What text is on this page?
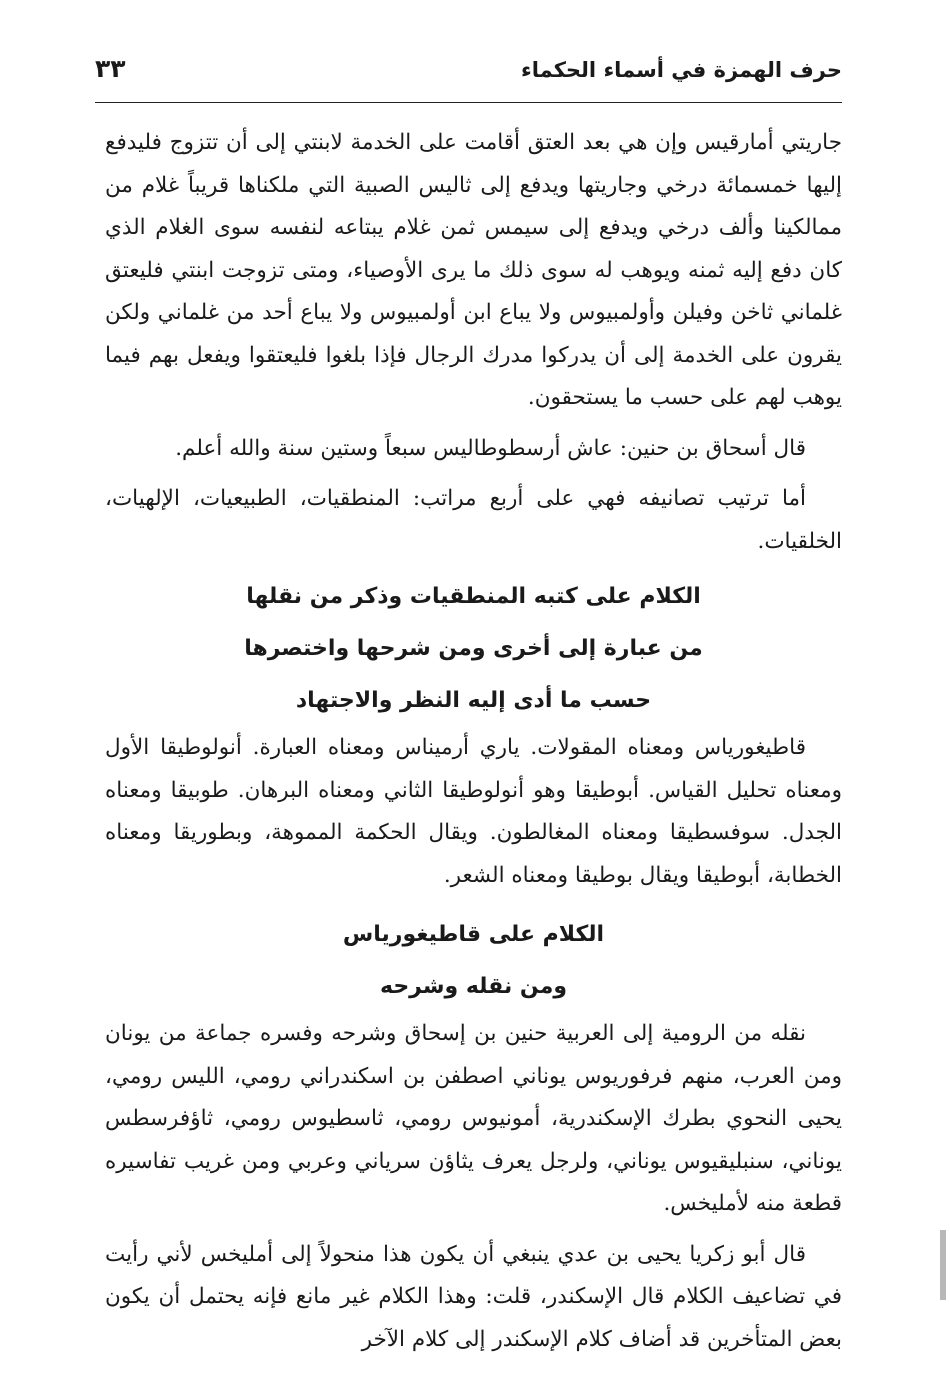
حرف الهمزة في أسماء الحكماء
٣٣

جاريتي أمارقيس وإن هي بعد العتق أقامت على الخدمة لابنتي إلى أن تتزوج فليدفع إليها خمسمائة درخي وجاريتها ويدفع إلى ثاليس الصبية التي ملكناها قريباً غلام من ممالكينا وألف درخي ويدفع إلى سيمس ثمن غلام يبتاعه لنفسه سوى الغلام الذي كان دفع إليه ثمنه ويوهب له سوى ذلك ما يرى الأوصياء، ومتى تزوجت ابنتي فليعتق غلماني ثاخن وفيلن وأولمبيوس ولا يباع ابن أولمبيوس ولا يباع أحد من غلماني ولكن يقرون على الخدمة إلى أن يدركوا مدرك الرجال فإذا بلغوا فليعتقوا ويفعل بهم فيما يوهب لهم على حسب ما يستحقون.

قال أسحاق بن حنين: عاش أرسطوطاليس سبعاً وستين سنة والله أعلم.

أما ترتيب تصانيفه فهي على أربع مراتب: المنطقيات، الطبيعيات، الإلهيات، الخلقيات.

الكلام على كتبه المنطقيات وذكر من نقلها
من عبارة إلى أخرى ومن شرحها واختصرها
حسب ما أدى إليه النظر والاجتهاد

قاطيغورياس ومعناه المقولات. ياري أرميناس ومعناه العبارة. أنولوطيقا الأول ومعناه تحليل القياس. أبوطيقا وهو أنولوطيقا الثاني ومعناه البرهان. طوبيقا ومعناه الجدل. سوفسطيقا ومعناه المغالطون. ويقال الحكمة المموهة، وبطوريقا ومعناه الخطابة، أبوطيقا ويقال بوطيقا ومعناه الشعر.

الكلام على قاطيغورياس
ومن نقله وشرحه

نقله من الرومية إلى العربية حنين بن إسحاق وشرحه وفسره جماعة من يونان ومن العرب، منهم فرفوريوس يوناني اصطفن بن اسكندراني رومي، الليس رومي، يحيى النحوي بطرك الإسكندرية، أمونيوس رومي، ثاسطيوس رومي، ثاؤفرسطس يوناني، سنبليقيوس يوناني، ولرجل يعرف يثاؤن سرياني وعربي ومن غريب تفاسيره قطعة منه لأمليخس.

قال أبو زكريا يحيى بن عدي ينبغي أن يكون هذا منحولاً إلى أمليخس لأني رأيت في تضاعيف الكلام قال الإسكندر، قلت: وهذا الكلام غير مانع فإنه يحتمل أن يكون بعض المتأخرين قد أضاف كلام الإسكندر إلى كلام الآخر
